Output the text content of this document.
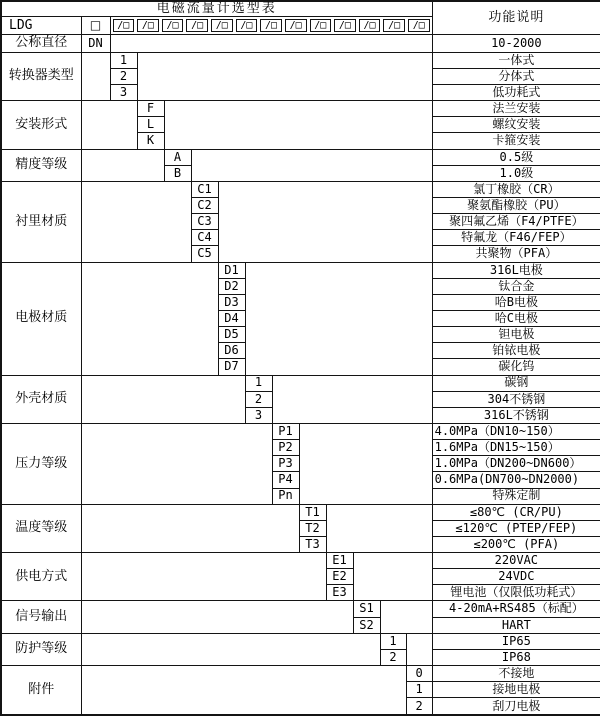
电磁流量计选型表														功能说明
LDG	□	/□	/□	/□	/□	/□	/□	/□	/□	/□	/□	/□	/□	/□

公称直径	DN													10-2000
转换器类型		1												一体式
		2												分体式
		3												低功耗式
安装形式			F											法兰安装
			L											螺纹安装
			K											卡箍安装
精度等级				A										0.5级
				B										1.0级
衬里材质					C1									氯丁橡胶（CR）
					C2									聚氨酯橡胶（PU）
					C3									聚四氟乙烯（F4/PTFE）
					C4									特氟龙（F46/FEP）
					C5									共聚物（PFA）
电极材质						D1								316L电极
						D2								钛合金
						D3								哈B电极
						D4								哈C电极
						D5								钽电极
						D6								铂铱电极
						D7								碳化钨
外壳材质							1							碳钢
							2							304不锈钢
							3							316L不锈钢
压力等级								P1						4.0MPa（DN10~150）
								P2						1.6MPa（DN15~150）
								P3						1.0MPa（DN200~DN600）
								P4						0.6MPa(DN700~DN2000)
								Pn						特殊定制
温度等级									T1					≤80℃ (CR/PU)
									T2					≤120℃ (PTEP/FEP)
									T3					≤200℃ (PFA)
供电方式										E1				220VAC
										E2				24VDC
										E3				锂电池（仅限低功耗式）
信号输出											S1			4-20mA+RS485（标配）
											S2			HART
防护等级												1		IP65
												2		IP68
附件													0	不接地
													1	接地电极
													2	刮刀电极
